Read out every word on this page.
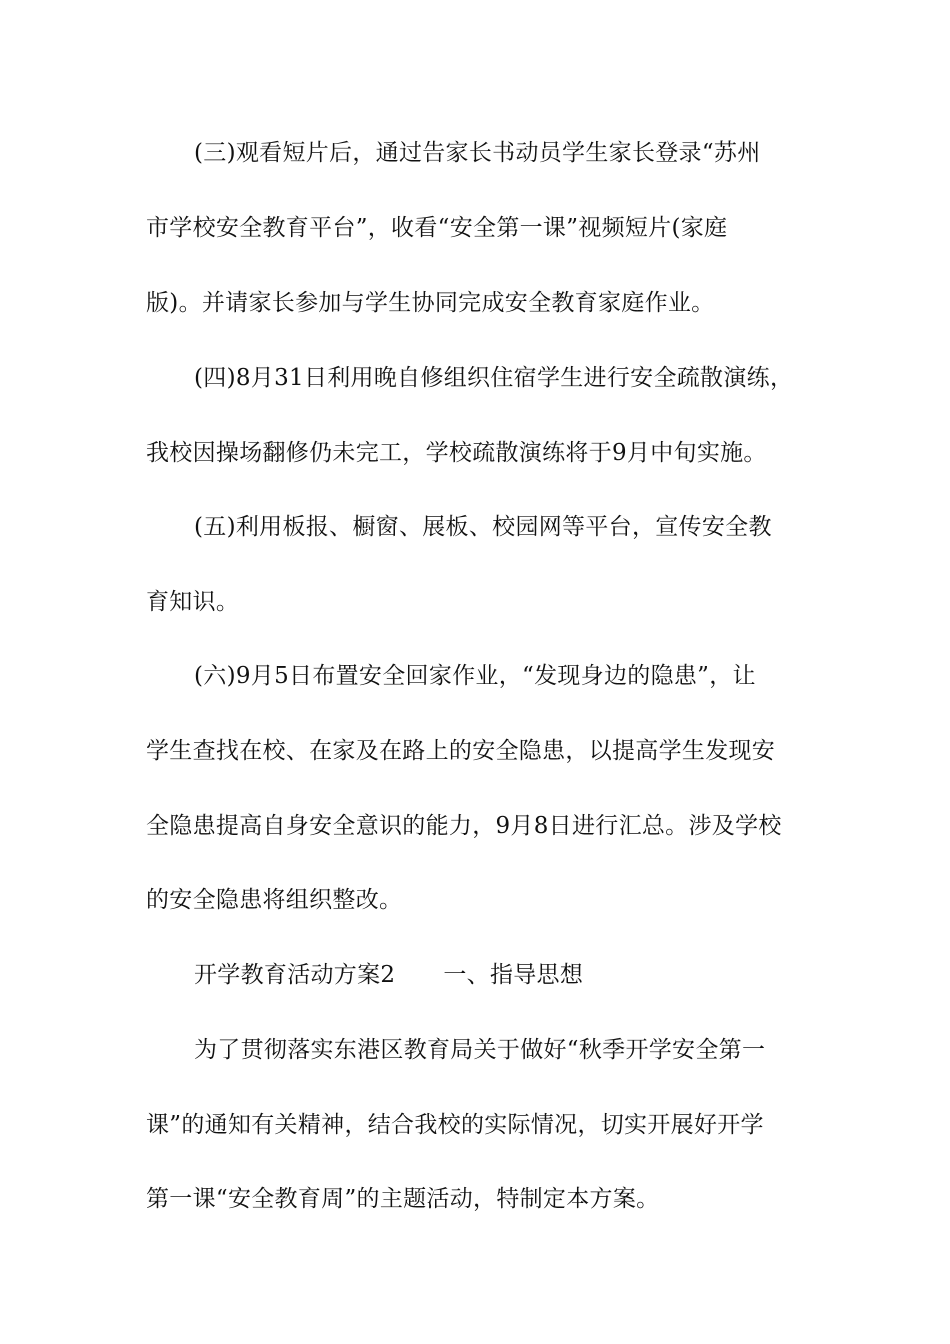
(三)观看短片后，通过告家长书动员学生家长登录“苏州
市学校安全教育平台”，收看“安全第一课”视频短片(家庭
版)。并请家长参加与学生协同完成安全教育家庭作业。
(四)8月31日利用晚自修组织住宿学生进行安全疏散演练，
我校因操场翻修仍未完工，学校疏散演练将于9月中旬实施。
(五)利用板报、橱窗、展板、校园网等平台，宣传安全教
育知识。
(六)9月5日布置安全回家作业，“发现身边的隐患”，让
学生查找在校、在家及在路上的安全隐患，以提高学生发现安
全隐患提高自身安全意识的能力，9月8日进行汇总。涉及学校
的安全隐患将组织整改。
开学教育活动方案2 一、指导思想
为了贯彻落实东港区教育局关于做好“秋季开学安全第一
课”的通知有关精神，结合我校的实际情况，切实开展好开学
第一课“安全教育周”的主题活动，特制定本方案。
